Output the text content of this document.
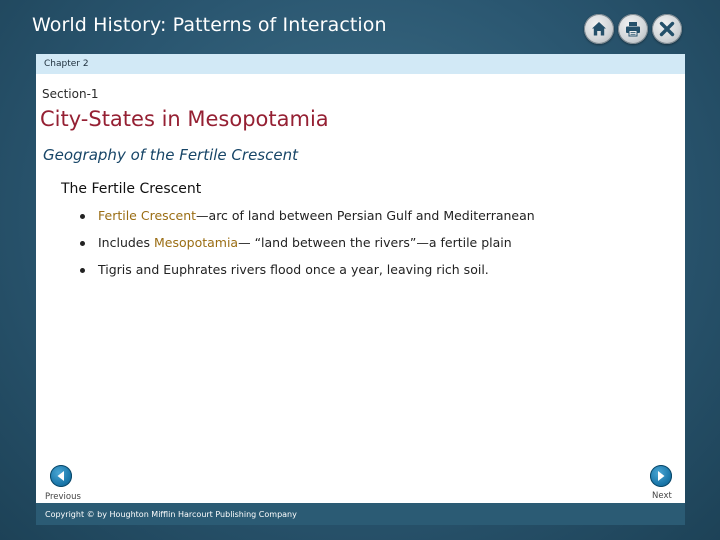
World History: Patterns of Interaction
Chapter 2
Section-1
City-States in Mesopotamia
Geography of the Fertile Crescent
The Fertile Crescent
Fertile Crescent—arc of land between Persian Gulf and Mediterranean
Includes Mesopotamia— “land between the rivers”—a fertile plain
Tigris and Euphrates rivers flood once a year, leaving rich soil.
Previous	Next
Copyright © by Houghton Mifflin Harcourt Publishing Company
